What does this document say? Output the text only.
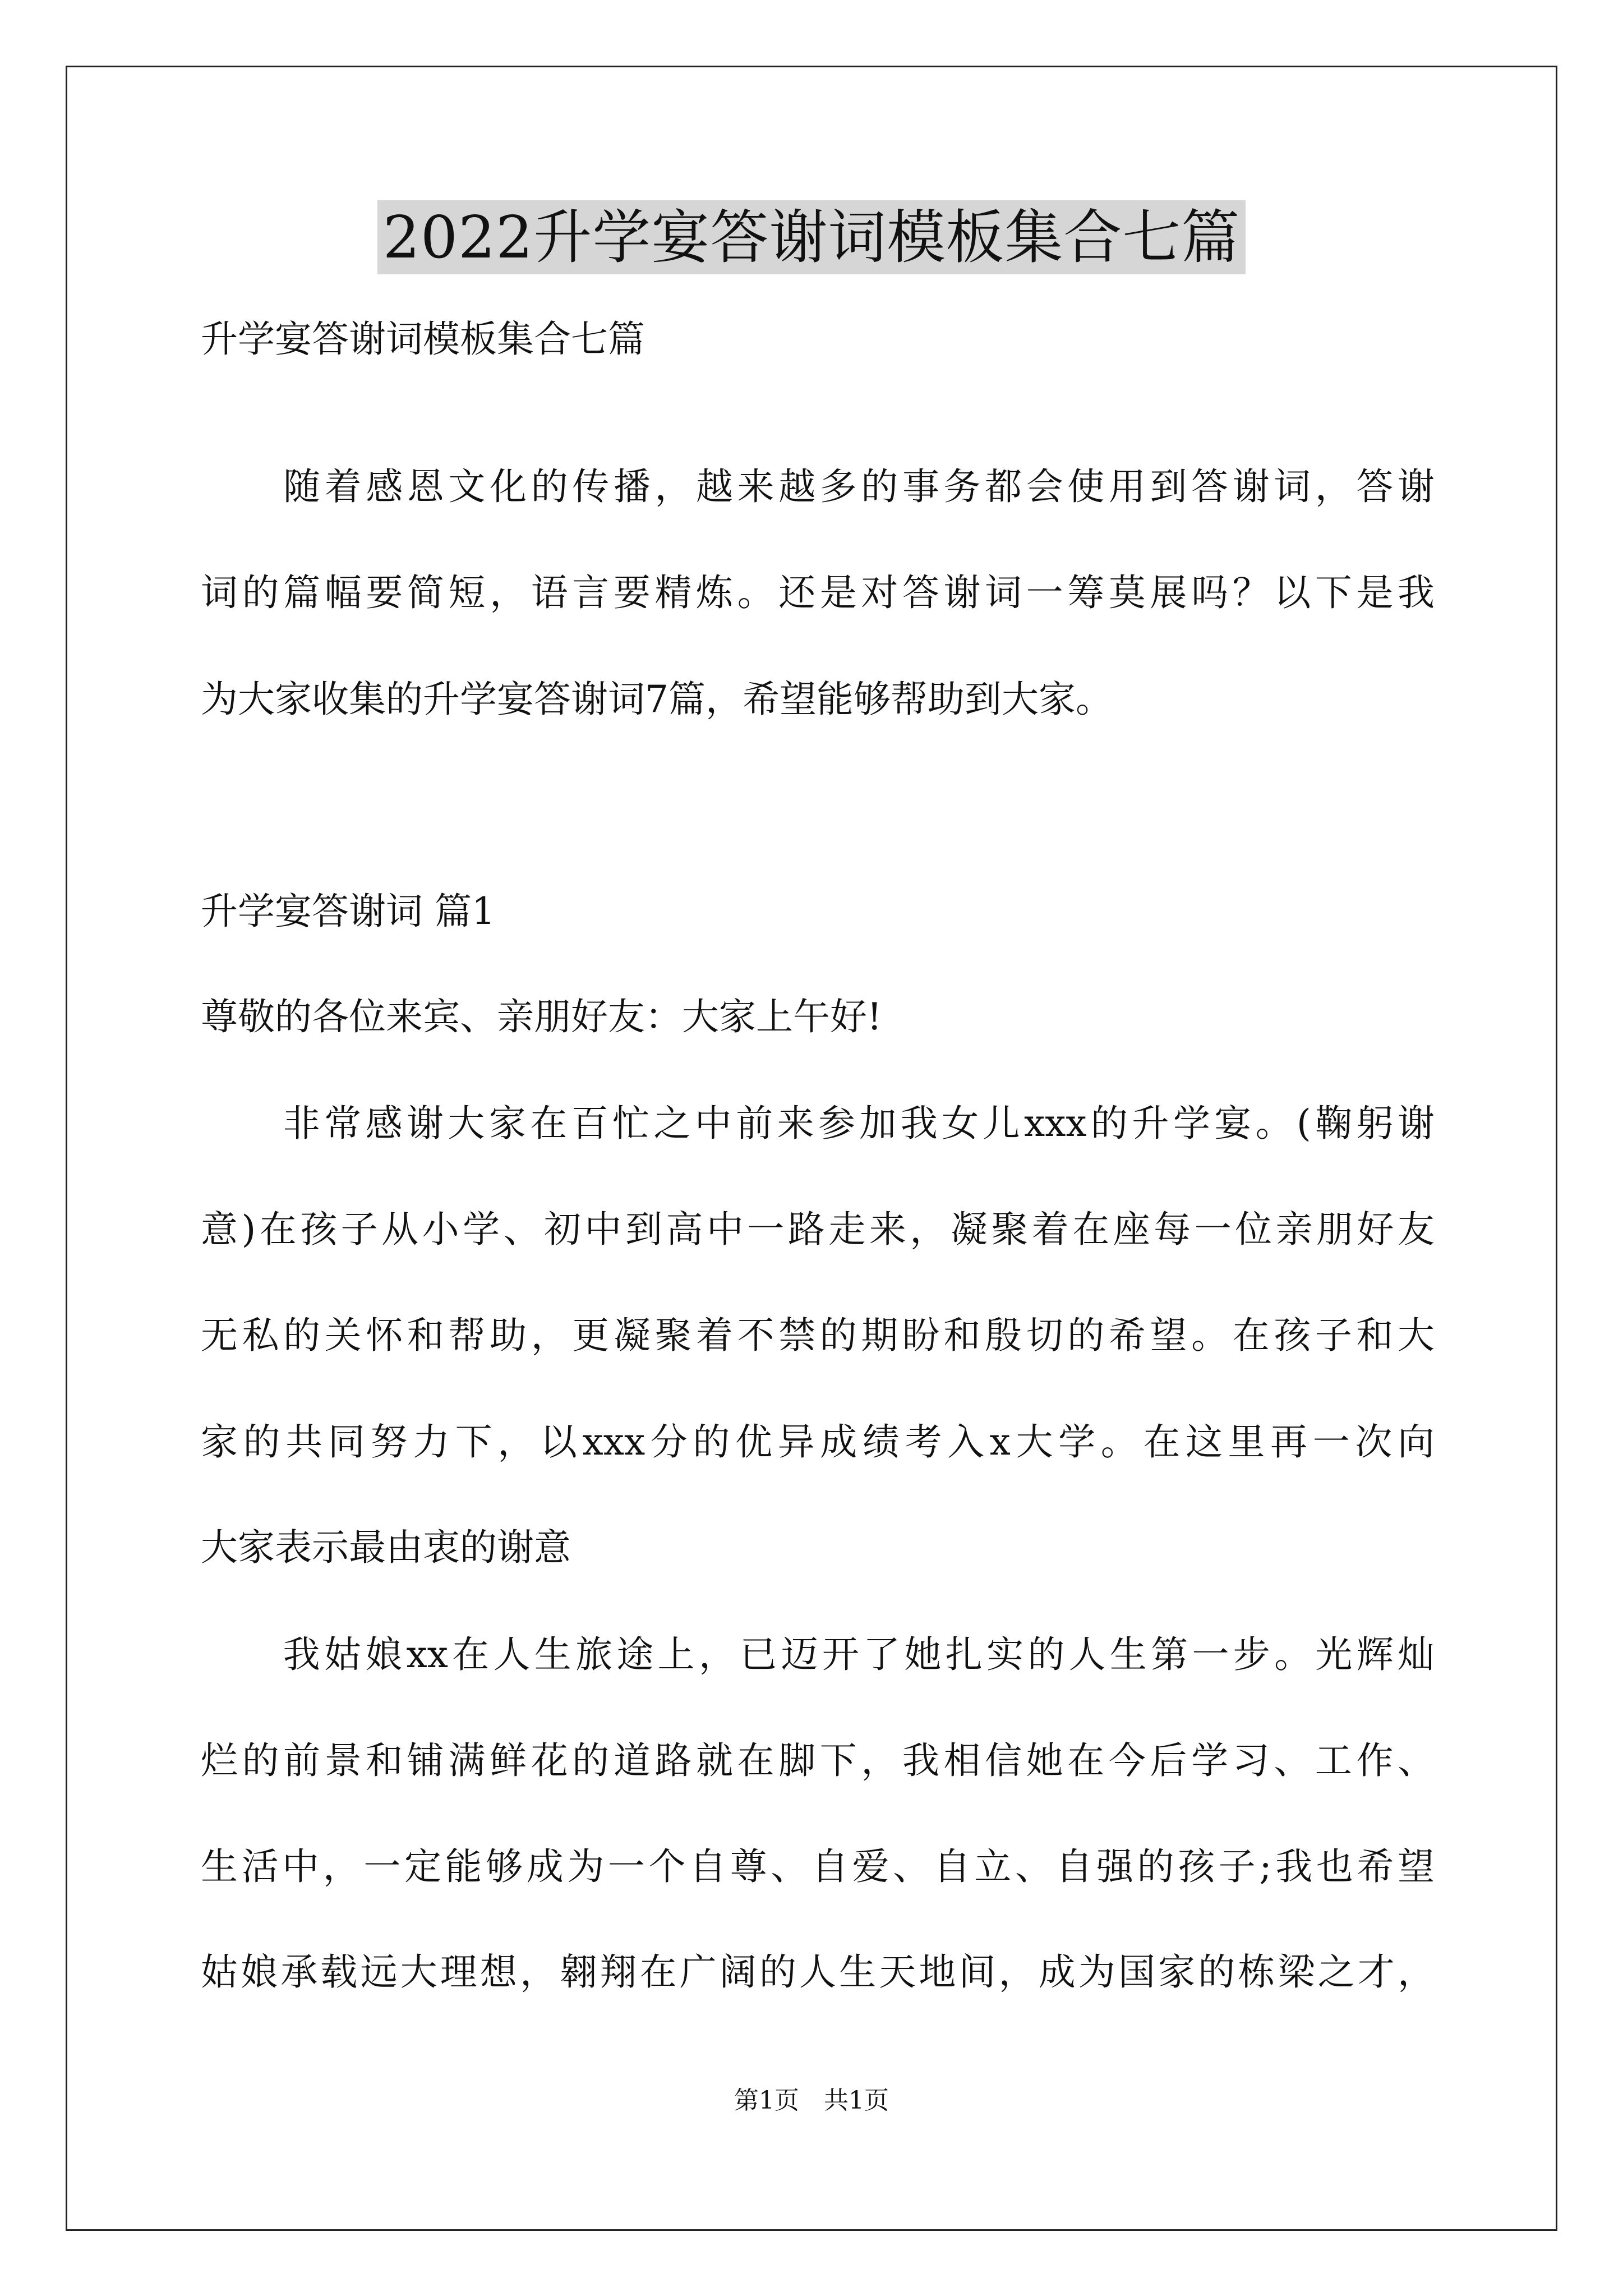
2022升学宴答谢词模板集合七篇
升学宴答谢词模板集合七篇
　　随着感恩文化的传播，越来越多的事务都会使用到答谢词，答谢
词的篇幅要简短，语言要精炼。还是对答谢词一筹莫展吗？以下是我
为大家收集的升学宴答谢词7篇，希望能够帮助到大家。
升学宴答谢词 篇1
尊敬的各位来宾、亲朋好友：大家上午好!
　　非常感谢大家在百忙之中前来参加我女儿xxx的升学宴。(鞠躬谢
意)在孩子从小学、初中到高中一路走来，凝聚着在座每一位亲朋好友
无私的关怀和帮助，更凝聚着不禁的期盼和殷切的希望。在孩子和大
家的共同努力下，以xxx分的优异成绩考入x大学。在这里再一次向
大家表示最由衷的谢意
　　我姑娘xx在人生旅途上，已迈开了她扎实的人生第一步。光辉灿
烂的前景和铺满鲜花的道路就在脚下，我相信她在今后学习、工作、
生活中，一定能够成为一个自尊、自爱、自立、自强的孩子;我也希望
姑娘承载远大理想，翱翔在广阔的人生天地间，成为国家的栋梁之才，
第1页　共1页
